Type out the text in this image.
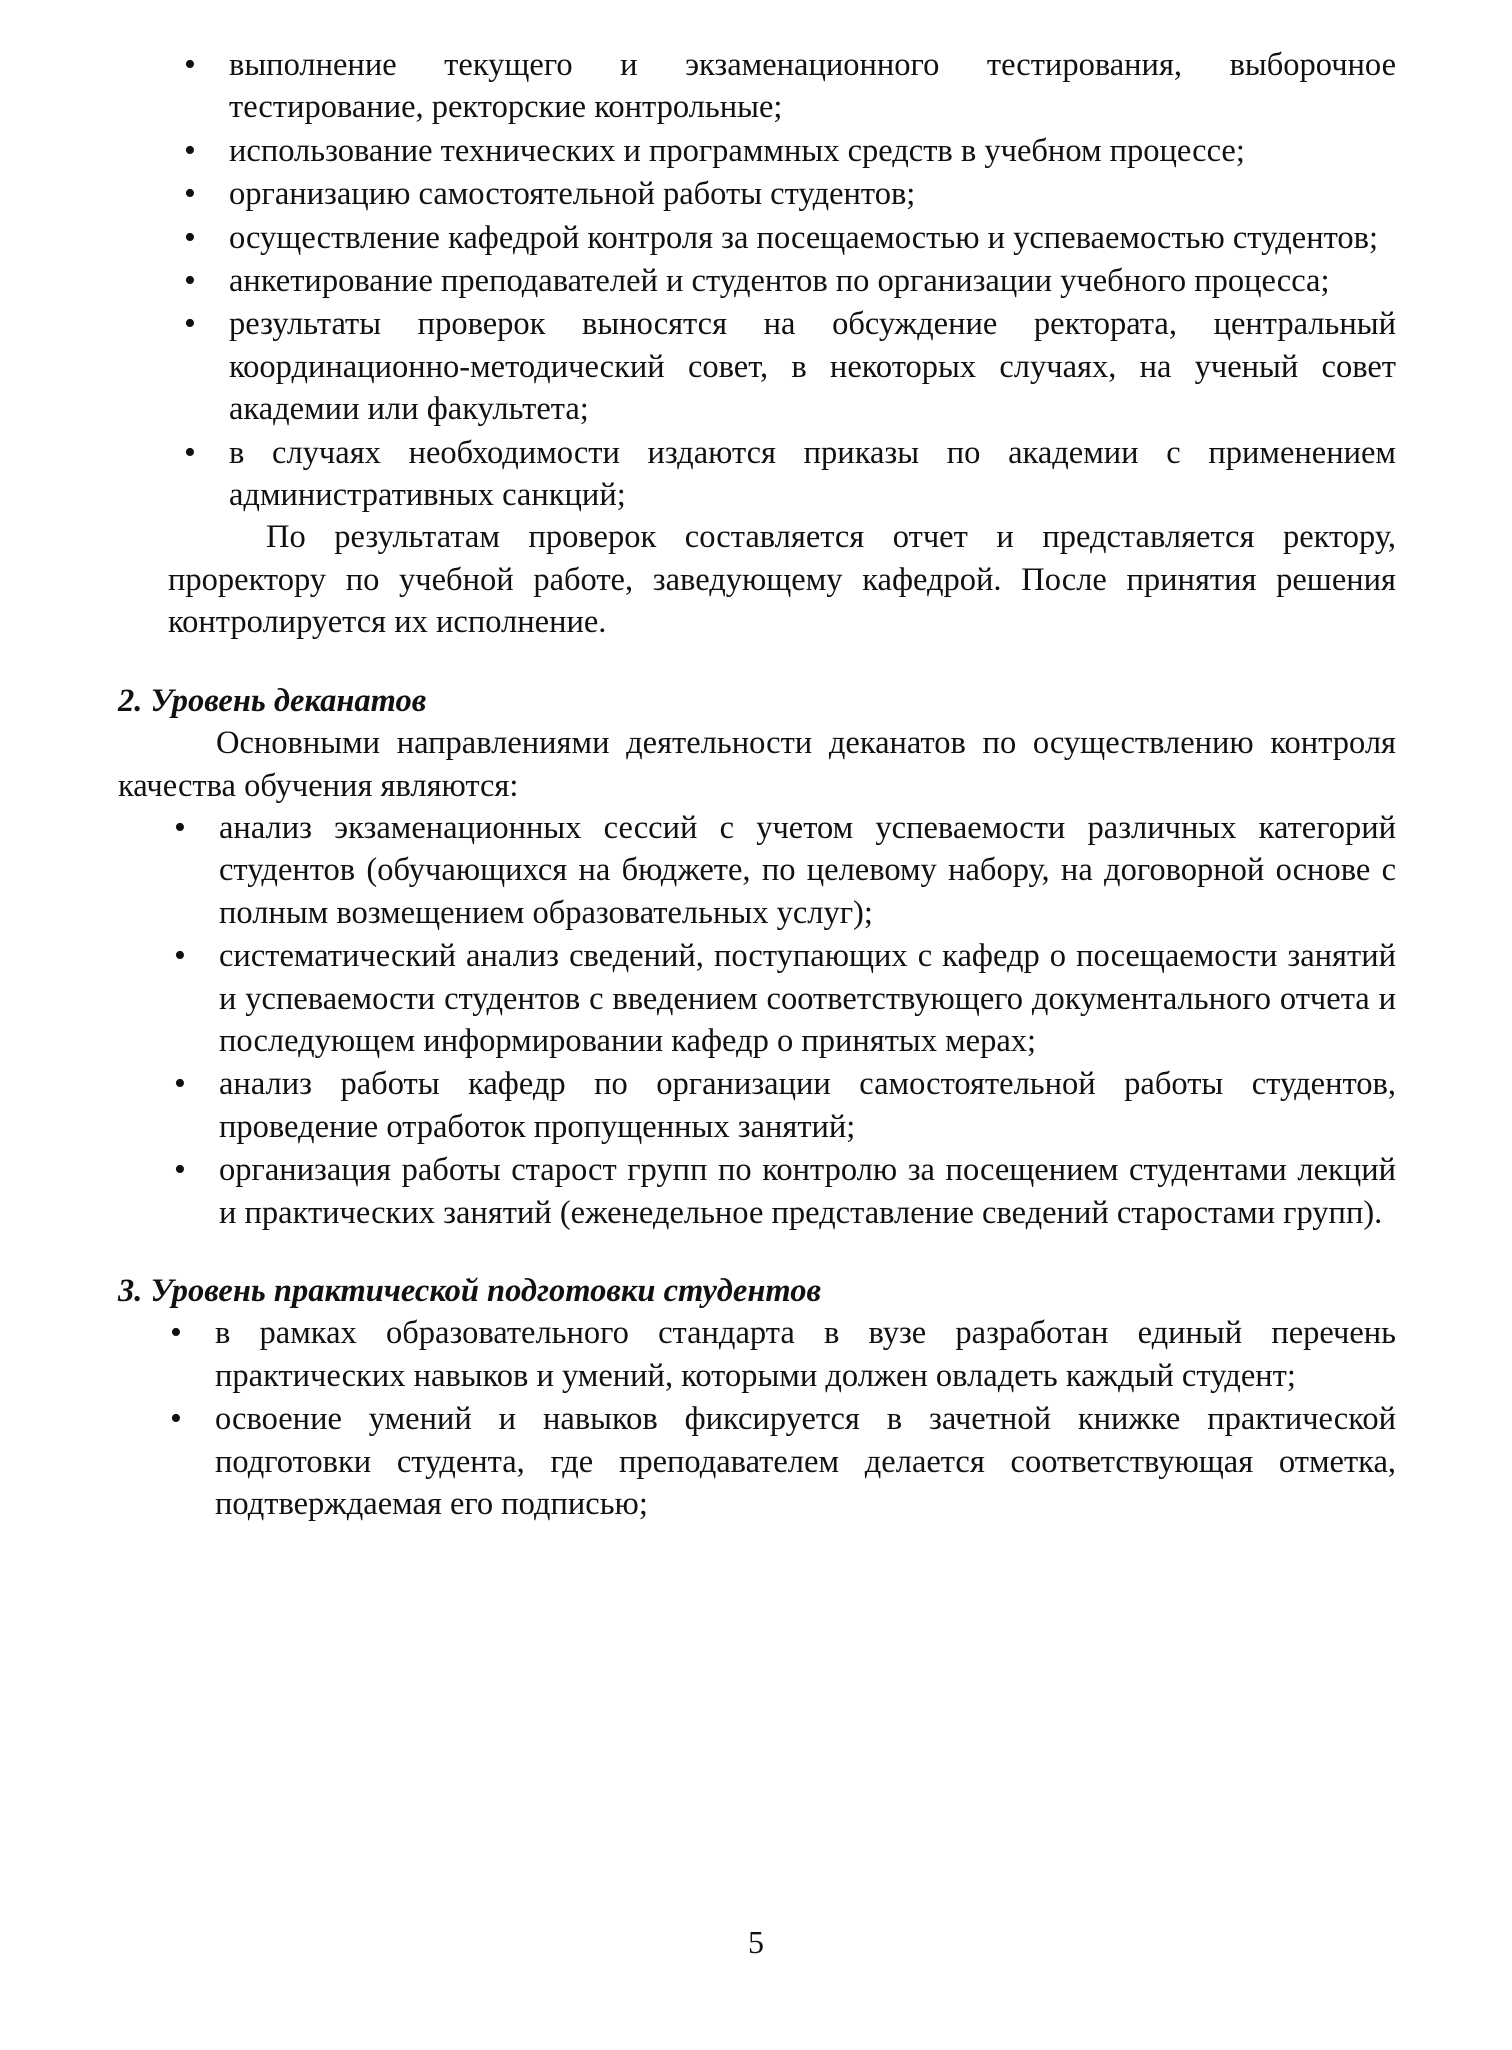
• выполнение текущего и экзаменационного тестирования, выборочное тестирование, ректорские контрольные;
• использование технических и программных средств в учебном процессе;
• организацию самостоятельной работы студентов;
• осуществление кафедрой контроля за посещаемостью и успеваемостью студентов;
• анкетирование преподавателей и студентов по организации учебного процесса;
• результаты проверок выносятся на обсуждение ректората, центральный координационно-методический совет, в некоторых случаях, на ученый совет академии или факультета;
• в случаях необходимости издаются приказы по академии с применением административных санкций;

По результатам проверок составляется отчет и представляется ректору, проректору по учебной работе, заведующему кафедрой. После принятия решения контролируется их исполнение.

2. Уровень деканатов

Основными направлениями деятельности деканатов по осуществлению контроля качества обучения являются:

• анализ экзаменационных сессий с учетом успеваемости различных категорий студентов (обучающихся на бюджете, по целевому набору, на договорной основе с полным возмещением образовательных услуг);
• систематический анализ сведений, поступающих с кафедр о посещаемости занятий и успеваемости студентов с введением соответствующего документального отчета и последующем информировании кафедр о принятых мерах;
• анализ работы кафедр по организации самостоятельной работы студентов, проведение отработок пропущенных занятий;
• организация работы старост групп по контролю за посещением студентами лекций и практических занятий (еженедельное представление сведений старостами групп).

3. Уровень практической подготовки студентов

• в рамках образовательного стандарта в вузе разработан единый перечень практических навыков и умений, которыми должен овладеть каждый студент;
• освоение умений и навыков фиксируется в зачетной книжке практической подготовки студента, где преподавателем делается соответствующая отметка, подтверждаемая его подписью;
5
